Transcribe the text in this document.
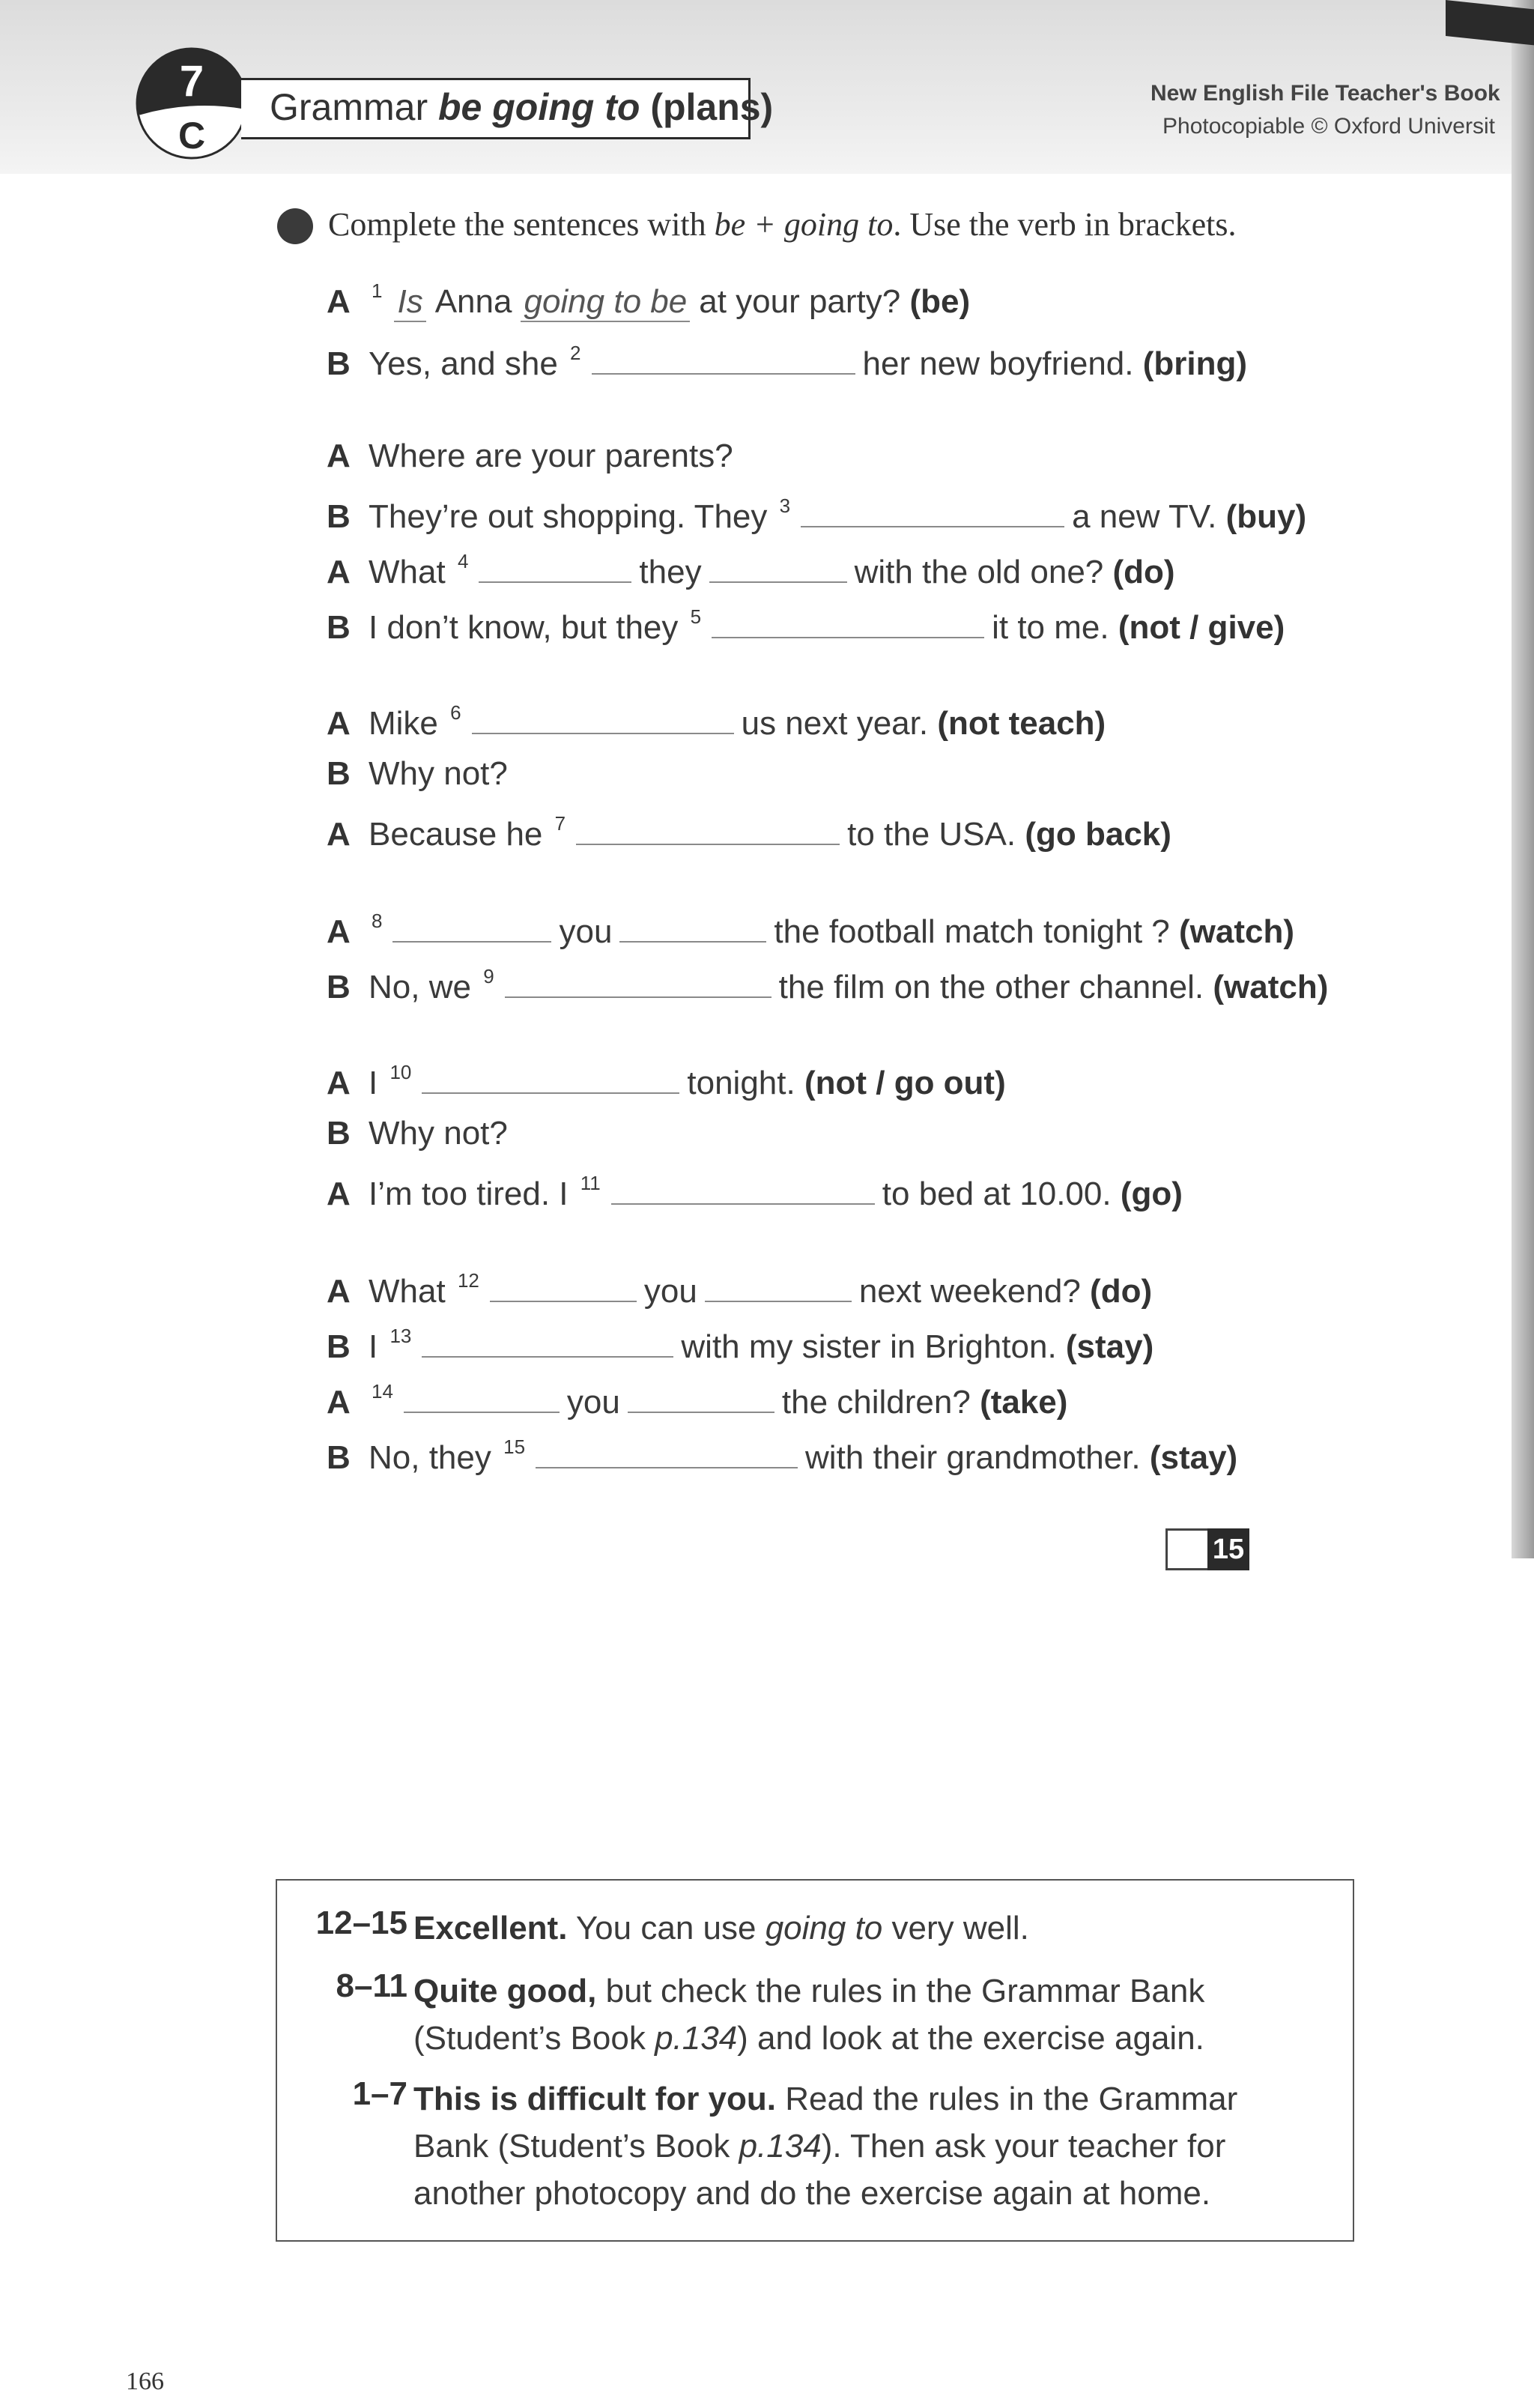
7
C
Grammar be going to (plans)	New English File Teacher's Book
Photocopiable © Oxford Universit
Complete the sentences with be + going to. Use the verb in brackets.
A $^1$ Is Anna going to be at your party? (be)
B Yes, and she $^2$	her new boyfriend. (bring)
A Where are your parents?
B They’re out shopping. They $^3$	a new TV. (buy)
A What $^4$	they	with the old one? (do)
B I don’t know, but they $^5$	it to me. (not / give)
A Mike $^6$	us next year. (not teach)
B Why not?
A Because he $^7$	to the USA. (go back)
A $^8$	you	the football match tonight ? (watch)
B No, we $^9$	the film on the other channel. (watch)
A I $^{10}$	tonight. (not / go out)
B Why not?
A I’m too tired. I $^{11}$	to bed at 10.00. (go)
A What $^{12}$	you	next weekend? (do)
B I $^{13}$	with my sister in Brighton. (stay)
A $^{14}$	you	the children? (take)
B No, they $^{15}$	with their grandmother. (stay)
15
12–15 Excellent. You can use going to very well.
8–11 Quite good, but check the rules in the Grammar Bank (Student’s Book p.134) and look at the exercise again.
1–7 This is difficult for you. Read the rules in the Grammar Bank (Student’s Book p.134). Then ask your teacher for another photocopy and do the exercise again at home.
166
